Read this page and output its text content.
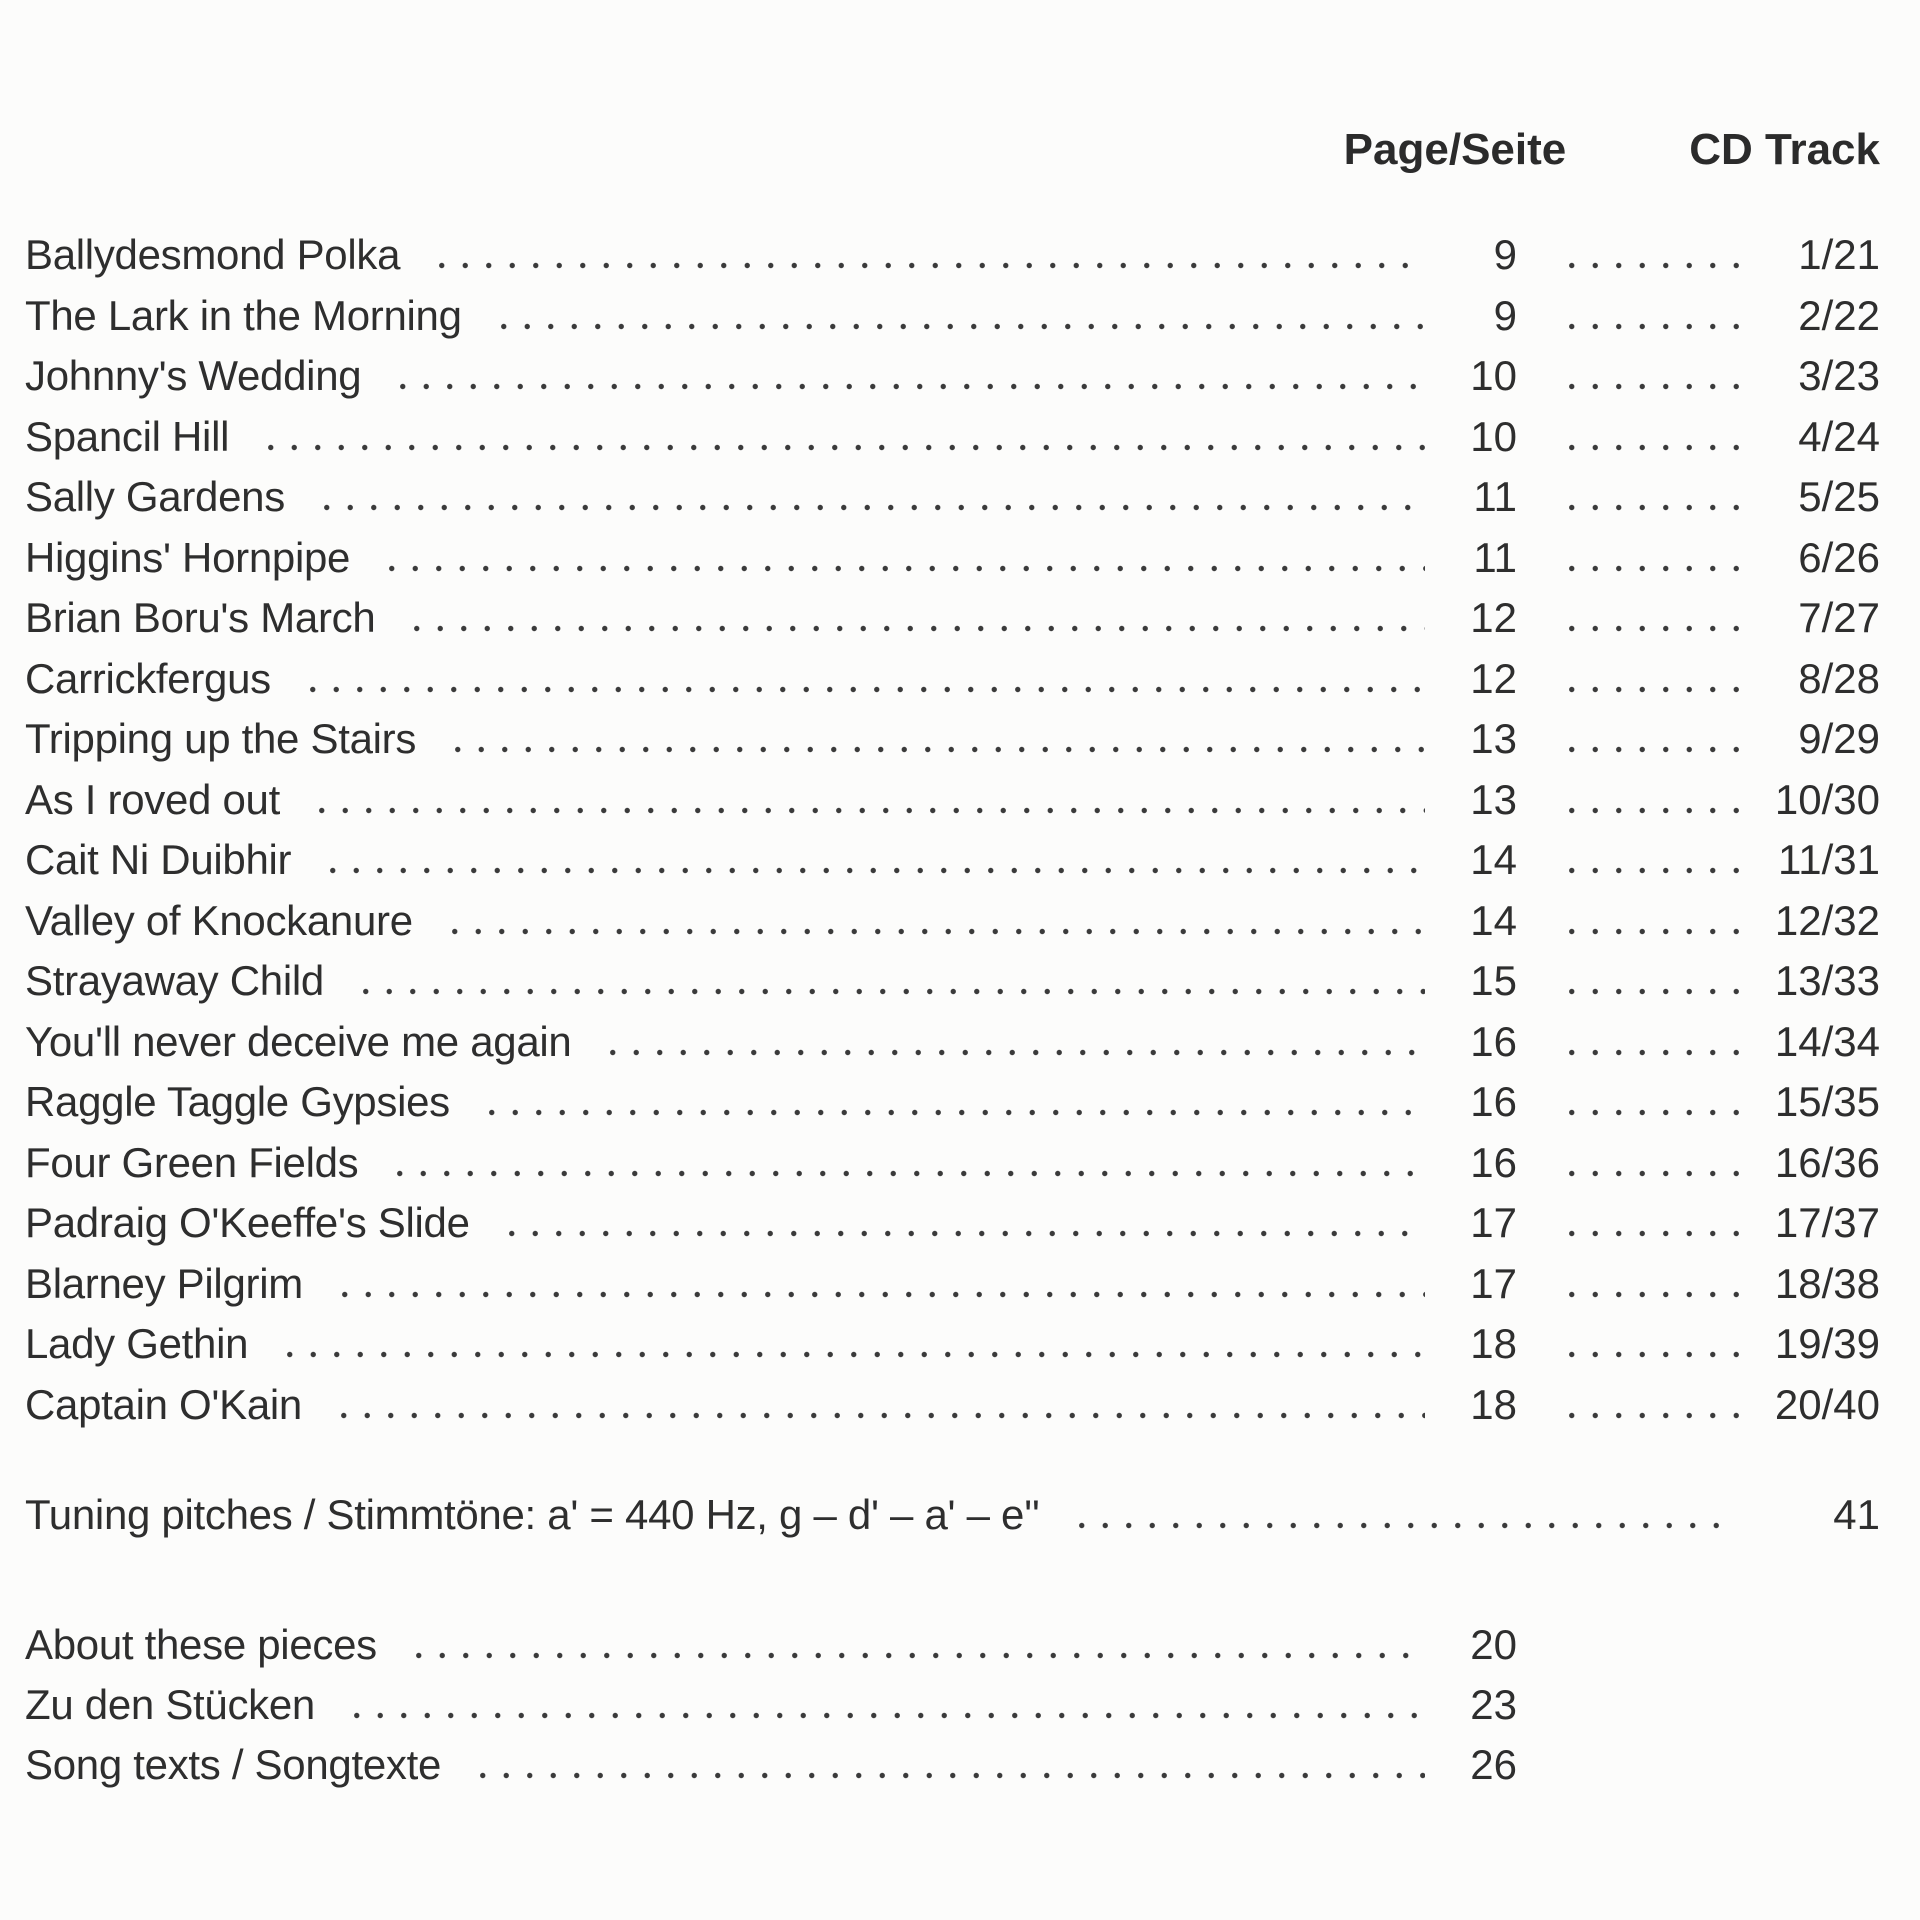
Page/Seite	CD Track
Ballydesmond Polka	9	1/21
The Lark in the Morning	9	2/22
Johnny's Wedding	10	3/23
Spancil Hill	10	4/24
Sally Gardens	11	5/25
Higgins' Hornpipe	11	6/26
Brian Boru's March	12	7/27
Carrickfergus	12	8/28
Tripping up the Stairs	13	9/29
As I roved out	13	10/30
Cait Ni Duibhir	14	11/31
Valley of Knockanure	14	12/32
Strayaway Child	15	13/33
You'll never deceive me again	16	14/34
Raggle Taggle Gypsies	16	15/35
Four Green Fields	16	16/36
Padraig O'Keeffe's Slide	17	17/37
Blarney Pilgrim	17	18/38
Lady Gethin	18	19/39
Captain O'Kain	18	20/40
Tuning pitches / Stimmtöne: a' = 440 Hz, g – d' – a' – e''	41
About these pieces	20
Zu den Stücken	23
Song texts / Songtexte	26
